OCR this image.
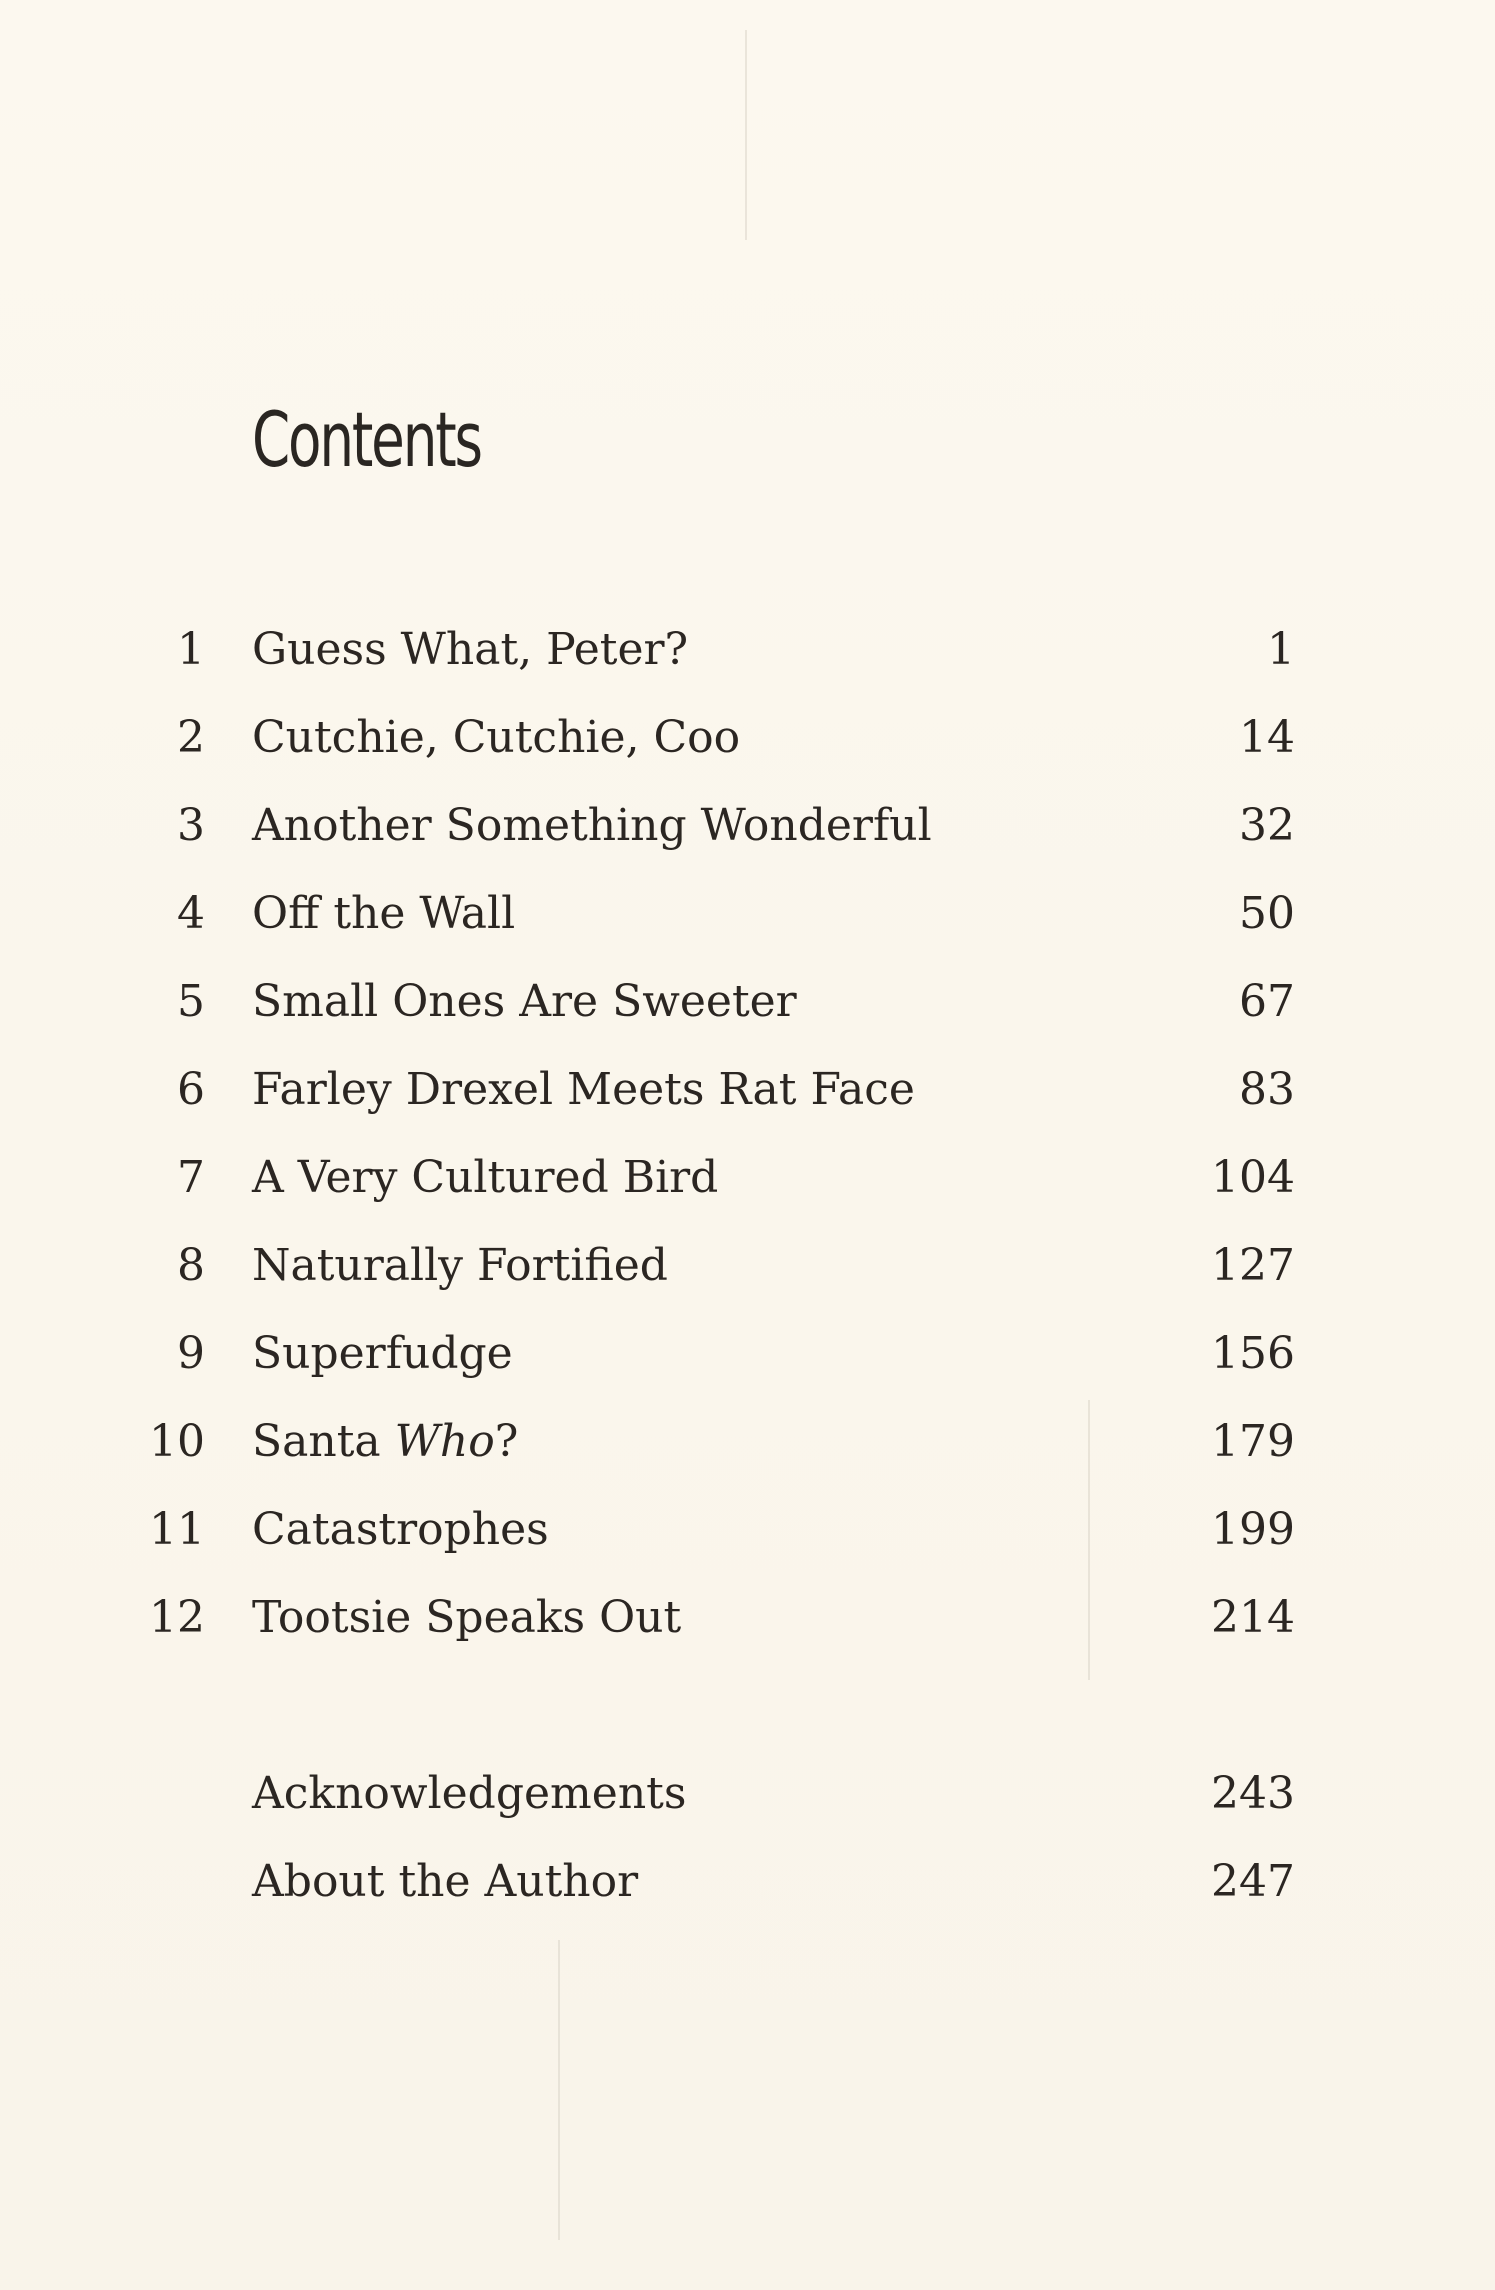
Contents
1 Guess What, Peter?	1
2 Cutchie, Cutchie, Coo	14
3 Another Something Wonderful	32
4 Off the Wall	50
5 Small Ones Are Sweeter	67
6 Farley Drexel Meets Rat Face	83
7 A Very Cultured Bird	104
8 Naturally Fortified	127
9 Superfudge	156
10 Santa Who?	179
11 Catastrophes	199
12 Tootsie Speaks Out	214
Acknowledgements	243
About the Author	247
